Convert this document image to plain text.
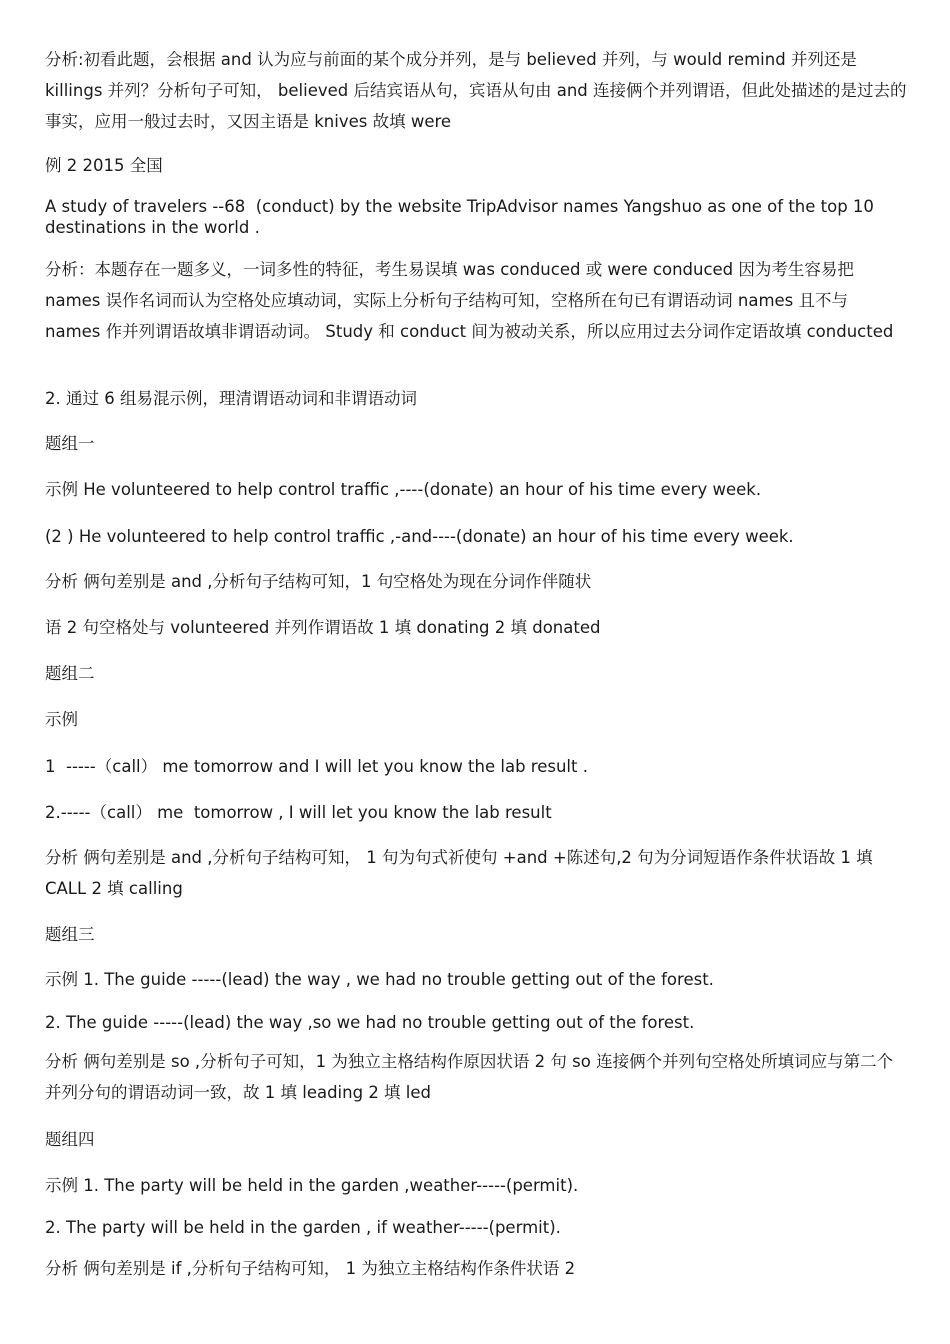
分析:初看此题，会根据 and 认为应与前面的某个成分并列，是与 believed 并列，与 would remind 并列还是 killings 并列？分析句子可知， believed 后结宾语从句，宾语从句由 and 连接俩个并列谓语，但此处描述的是过去的事实，应用一般过去时，又因主语是 knives 故填 were

例 2 2015 全国

A study of travelers --68  (conduct) by the website TripAdvisor names Yangshuo as one of the top 10 destinations in the world .

分析：本题存在一题多义，一词多性的特征，考生易误填 was conduced 或 were conduced 因为考生容易把 names 误作名词而认为空格处应填动词，实际上分析句子结构可知，空格所在句已有谓语动词 names 且不与 names 作并列谓语故填非谓语动词。 Study 和 conduct 间为被动关系，所以应用过去分词作定语故填 conducted

2. 通过 6 组易混示例，理清谓语动词和非谓语动词

题组一

示例 He volunteered to help control traffic ,----(donate) an hour of his time every week.

(2 ) He volunteered to help control traffic ,-and----(donate) an hour of his time every week.

分析 俩句差别是 and ,分析句子结构可知，1 句空格处为现在分词作伴随状

语 2 句空格处与 volunteered 并列作谓语故 1 填 donating 2 填 donated

题组二

示例

1  -----（call） me tomorrow and I will let you know the lab result .

2.-----（call） me  tomorrow , I will let you know the lab result

分析 俩句差别是 and ,分析句子结构可知， 1 句为句式祈使句 +and +陈述句,2 句为分词短语作条件状语故 1 填 CALL 2 填 calling

题组三

示例 1. The guide -----(lead) the way , we had no trouble getting out of the forest.

2. The guide -----(lead) the way ,so we had no trouble getting out of the forest.

分析 俩句差别是 so ,分析句子可知，1 为独立主格结构作原因状语 2 句 so 连接俩个并列句空格处所填词应与第二个并列分句的谓语动词一致，故 1 填 leading 2 填 led

题组四

示例 1. The party will be held in the garden ,weather-----(permit).

2. The party will be held in the garden , if weather-----(permit).

分析 俩句差别是 if ,分析句子结构可知， 1 为独立主格结构作条件状语 2
